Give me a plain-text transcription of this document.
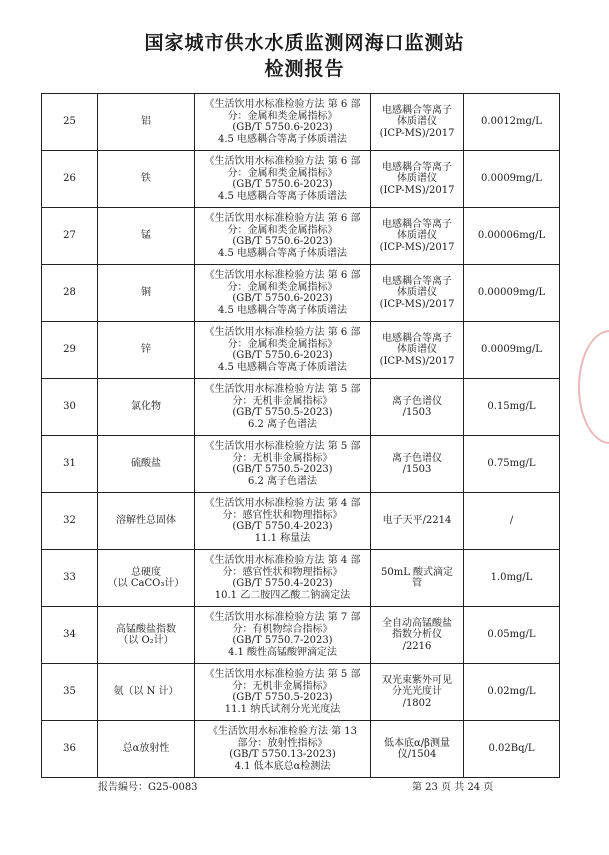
国家城市供水水质监测网海口监测站
检测报告
25	铝	《生活饮用水标准检验方法 第 6 部
分：金属和类金属指标》
(GB/T 5750.6-2023)
4.5 电感耦合等离子体质谱法	电感耦合等离子
体质谱仪
(ICP-MS)/2017	0.0012mg/L
26	铁	《生活饮用水标准检验方法 第 6 部
分：金属和类金属指标》
(GB/T 5750.6-2023)
4.5 电感耦合等离子体质谱法	电感耦合等离子
体质谱仪
(ICP-MS)/2017	0.0009mg/L
27	锰	《生活饮用水标准检验方法 第 6 部
分：金属和类金属指标》
(GB/T 5750.6-2023)
4.5 电感耦合等离子体质谱法	电感耦合等离子
体质谱仪
(ICP-MS)/2017	0.00006mg/L
28	铜	《生活饮用水标准检验方法 第 6 部
分：金属和类金属指标》
(GB/T 5750.6-2023)
4.5 电感耦合等离子体质谱法	电感耦合等离子
体质谱仪
(ICP-MS)/2017	0.00009mg/L
29	锌	《生活饮用水标准检验方法 第 6 部
分：金属和类金属指标》
(GB/T 5750.6-2023)
4.5 电感耦合等离子体质谱法	电感耦合等离子
体质谱仪
(ICP-MS)/2017	0.0009mg/L
30	氯化物	《生活饮用水标准检验方法 第 5 部
分：无机非金属指标》
(GB/T 5750.5-2023)
6.2 离子色谱法	离子色谱仪
/1503	0.15mg/L
31	硫酸盐	《生活饮用水标准检验方法 第 5 部
分：无机非金属指标》
(GB/T 5750.5-2023)
6.2 离子色谱法	离子色谱仪
/1503	0.75mg/L
32	溶解性总固体	《生活饮用水标准检验方法 第 4 部
分：感官性状和物理指标》
(GB/T 5750.4-2023)
11.1 称量法	电子天平/2214	/
33	总硬度
（以 CaCO₃计）	《生活饮用水标准检验方法 第 4 部
分：感官性状和物理指标》
(GB/T 5750.4-2023)
10.1 乙二胺四乙酸二钠滴定法	50mL 酸式滴定
管	1.0mg/L
34	高锰酸盐指数
（以 O₂计）	《生活饮用水标准检验方法 第 7 部
分：有机物综合指标》
(GB/T 5750.7-2023)
4.1 酸性高锰酸钾滴定法	全自动高锰酸盐
指数分析仪
/2216	0.05mg/L
35	氨（以 N 计）	《生活饮用水标准检验方法 第 5 部
分：无机非金属指标》
(GB/T 5750.5-2023)
11.1 纳氏试剂分光光度法	双光束紫外可见
分光光度计
/1802	0.02mg/L
36	总α放射性	《生活饮用水标准检验方法 第 13
部分：放射性指标》
(GB/T 5750.13-2023)
4.1 低本底总α检测法	低本底α/β测量
仪/1504	0.02Bq/L
报告编号：G25-0083	第 23 页 共 24 页
